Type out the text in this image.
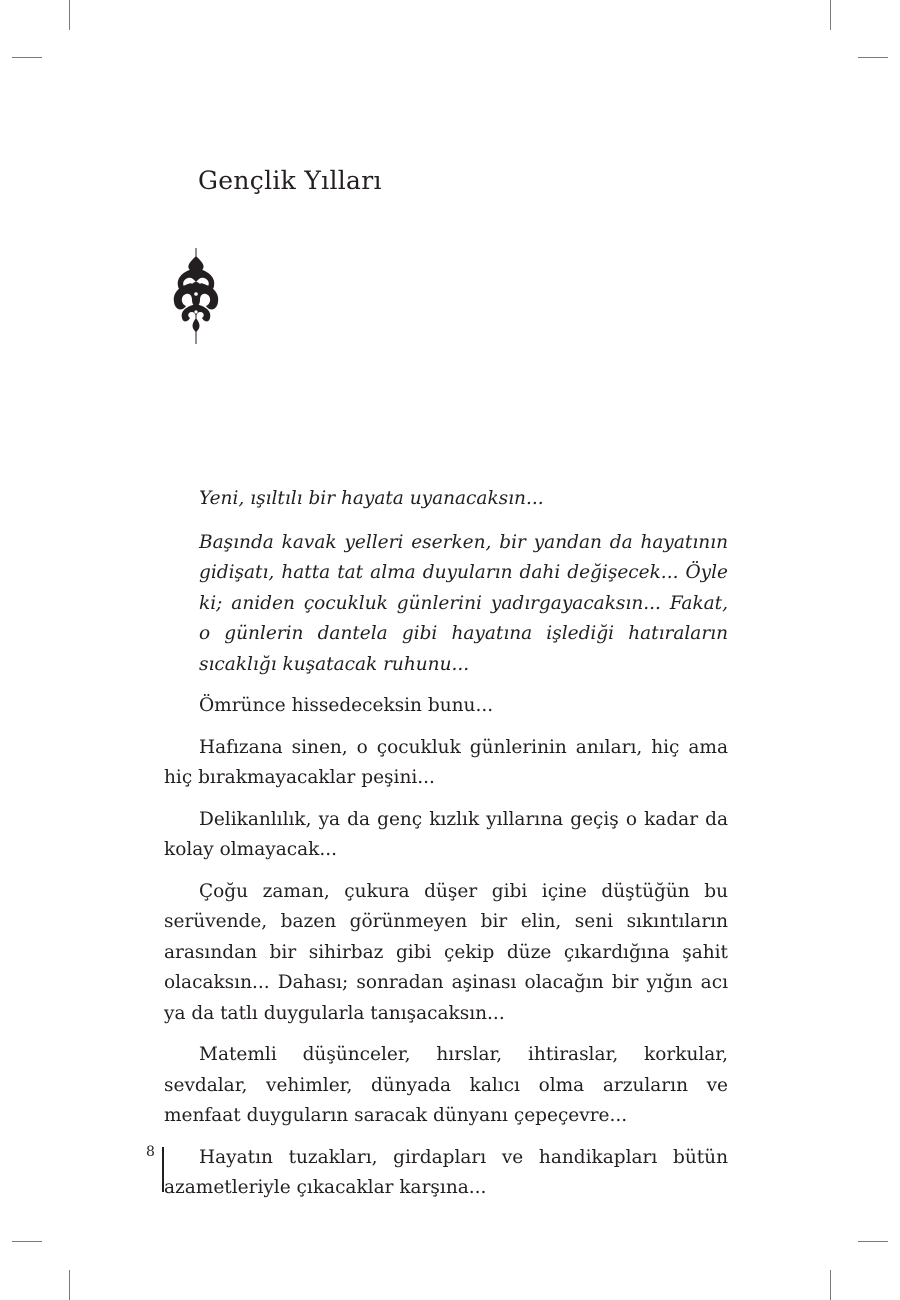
Gençlik Yılları

Yeni, ışıltılı bir hayata uyanacaksın...

Başında kavak yelleri eserken, bir yandan da hayatının gidişatı, hatta tat alma duyuların dahi değişecek... Öyle ki; aniden çocukluk günlerini yadırgayacaksın... Fakat, o günlerin dantela gibi hayatına işlediği hatıraların sıcaklığı kuşatacak ruhunu...

Ömrünce hissedeceksin bunu...

Hafızana sinen, o çocukluk günlerinin anıları, hiç ama hiç bırakmayacaklar peşini...

Delikanlılık, ya da genç kızlık yıllarına geçiş o kadar da kolay olmayacak...

Çoğu zaman, çukura düşer gibi içine düştüğün bu serüvende, bazen görünmeyen bir elin, seni sıkıntıların arasından bir sihirbaz gibi çekip düze çıkardığına şahit olacaksın... Dahası; sonradan aşinası olacağın bir yığın acı ya da tatlı duygularla tanışacaksın...

Matemli düşünceler, hırslar, ihtiraslar, korkular, sevdalar, vehimler, dünyada kalıcı olma arzuların ve menfaat duyguların saracak dünyanı çepeçevre...

Hayatın tuzakları, girdapları ve handikapları bütün azametleriyle çıkacaklar karşına...

8
